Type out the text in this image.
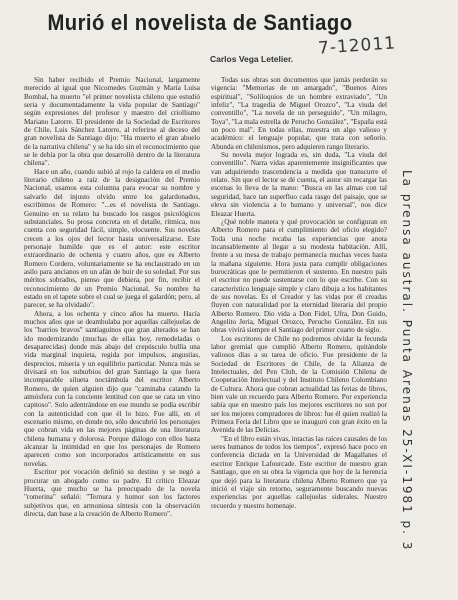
Murió el novelista de Santiago
7-12011
Carlos Vega Letelier.

Sin haber recibido el Premio Nacional, largamente merecido al igual que Nicomedes Guzmán y María Luisa Bombal, ha muerto "el primer novelista chileno que estudió seria y documentadamente la vida popular de Santiago" según expresiones del profesor y maestro del criollismo Mariano Latorre. El presidente de la Sociedad de Escritores de Chile, Luis Sánchez Latorre, al referirse al deceso del gran novelista de Santiago dijo: "Ha muerto el gran abuelo de la narrativa chilena" y se ha ido sin el reconocimiento que se le debía por la obra que desarrolló dentro de la literatura chilena".

Hace un año, cuando subió al rojo la caldera en el medio literario chileno a raíz de la designación del Premio Nacional, usamos esta columna para evocar su nombre y salvarlo del injusto olvido entre los galardonados, escribimos de Romero: "...es el novelista de Santiago. Genuino en su relato ha buscado los rasgos psicológicos substanciales. Su prosa concreta en el detalle, rítmica, nos cuenta con seguridad fácil, simple, elocuente. Sus novelas crecen a los ojos del lector hasta universalizarse. Este personaje humilde que es el autor: este escritor extraordinario de ochenta y cuatro años, que es Alberto Romero Cordero, voluntariamente se ha enclaustrado en un asilo para ancianos en un afán de huir de su soledad. Por sus méritos sobrados, pienso que debiera, por fin, recibir el reconocimiento de un Premio Nacional. Su nombre ha estado en el tapete sobre el cual se juega el galardón; pero, al parecer, se ha olvidado".

Ahora, a los ochenta y cinco años ha muerto. Hacía muchos años que se deambulaba por aquellas callejuelas de los "barrios bravos" santiaguinos que gran alterados se han ido modernizando (muchas de ellas hoy, remodeladas o desaparecidas) donde más abajo del crepúsculo bullía una vida marginal inquieta, regida por impulsos, angustias, desprecios, miseria y un equilibrio particular. Nunca más se divisará en los suburbios del gran Santiago la que fuera incomparable silueta noctámbula del escritor Alberto Romero, de quien alguien dijo que "caminaba catando la atmósfera con la conciente lentitud con que se cata un vino capitoso". Solo adentrándose en ese mundo se podía escribir con la autenticidad con que él lo hizo. Fue allí, en el escenario mismo, en donde no, sólo descubrió los personajes que cobran vida en las mejores páginas de una literatura chilena humana y dolorosa. Porque diálogo con ellos hasta alcanzar la intimidad en que los personajes de Romero aparecen como son incorporados artísticamente en sus novelas.

Escritor por vocación definió su destino y se negó a procurar un abogado como su padre. El crítico Eleazar Huerta, que mucho se ha preocupado de la novela "romerina" señaló: "Ternura y humor son los factores subjetivos que, en armoniosa síntesis con la observación directa, dan base a la creación de Alberto Romero".

Todas sus obras son documentos que jamás perderán su vigencia: "Memorias de un amargado", "Buenos Aires espiritual", "Soliloquios de un hombre extraviado", "Un infeliz", "La tragedia de Miguel Orozco", "La viuda del conventillo", "La novela de un perseguido", "Un milagro, Toya", "La mala estrella de Perucho González", "España está un poco mal". En todas ellas, muestra un algo valioso y académico: el lenguaje popular, que trata con señorío. Abunda en chilenismos, pero adquieren rango literario.

Su novela mejor lograda es, sin duda, "La viuda del conventillo". Narra vidas aparentemente insignificantes que van adquiriendo trascendencia a medida que transcurre el relato. Sin que el lector se dé cuenta, el autor sin recargar las escenas lo lleva de la mano: "Busca en las almas con tal seguridad, hace tan superfluo cada rasgo del paisaje, que se eleva sin violencia a lo humano y universal", nos dice Eleazar Huerta.

¿Qué noble manera y qué provocación se configuran en Alberto Romero para el cumplimiento del oficio elegido? Toda una noche recaba las experiencias que anota incansablemente al llegar a su modesta habitación. Allí, frente a su mesa de trabajo permanecía muchas veces hasta la mañana siguiente. Hora justa para cumplir obligaciones burocráticas que le permitieron el sustento. En nuestro país el escritor no puede sustentarse con lo que escribe. Con su característico lenguaje simple y claro dibuja a los habitantes de sus novelas. Es el Creador y las vidas por él creadas fluyen con naturalidad por la eternidad literaria del propio Alberto Romero. Dio vida a Don Fidel, Ufra, Don Guido, Angelito Jeria, Miguel Orozco, Perucho González. En sus obras vivirá siempre el Santiago del primer cuarto de siglo.

Los escritores de Chile no podremos olvidar la fecunda labor gremial que cumplió Alberto Romero, quitándole valiosos días a su tarea de oficio. Fue presidente de la Sociedad de Escritores de Chile, de la Alianza de Intelectuales, del Pen Club, de la Comisión Chilena de Cooperación Intelectual y del Instituto Chileno Colombiano de Cultura. Ahora que cobran actualidad las ferias de libros, bien vale un recuerdo para Alberto Romero. Por experiencia sabía que en nuestro país los mejores escritores no son por ser los mejores compradores de libros: fue él quien realizó la Primera Feria del Libro que se inauguró con gran éxito en la Avenida de las Delicias.

"En el libro están vivas, intactas las raíces causales de los seres humanos de todos los tiempos", expresó hace poco en conferencia dictada en la Universidad de Magallanes el escritor Enrique Lafourcade. Este escritor de nuestro gran Santiago, que en su obra la vigencia que hoy de la herencia que dejó para la literatura chilena Alberto Romero que ya inició el viaje sin retorno, seguramente buscando nuevas experiencias por aquellas callejuelas siderales. Nuestro recuerdo y nuestro homenaje.	La prensa austral. Punta Arenas 25-XI-1981 p. 3
